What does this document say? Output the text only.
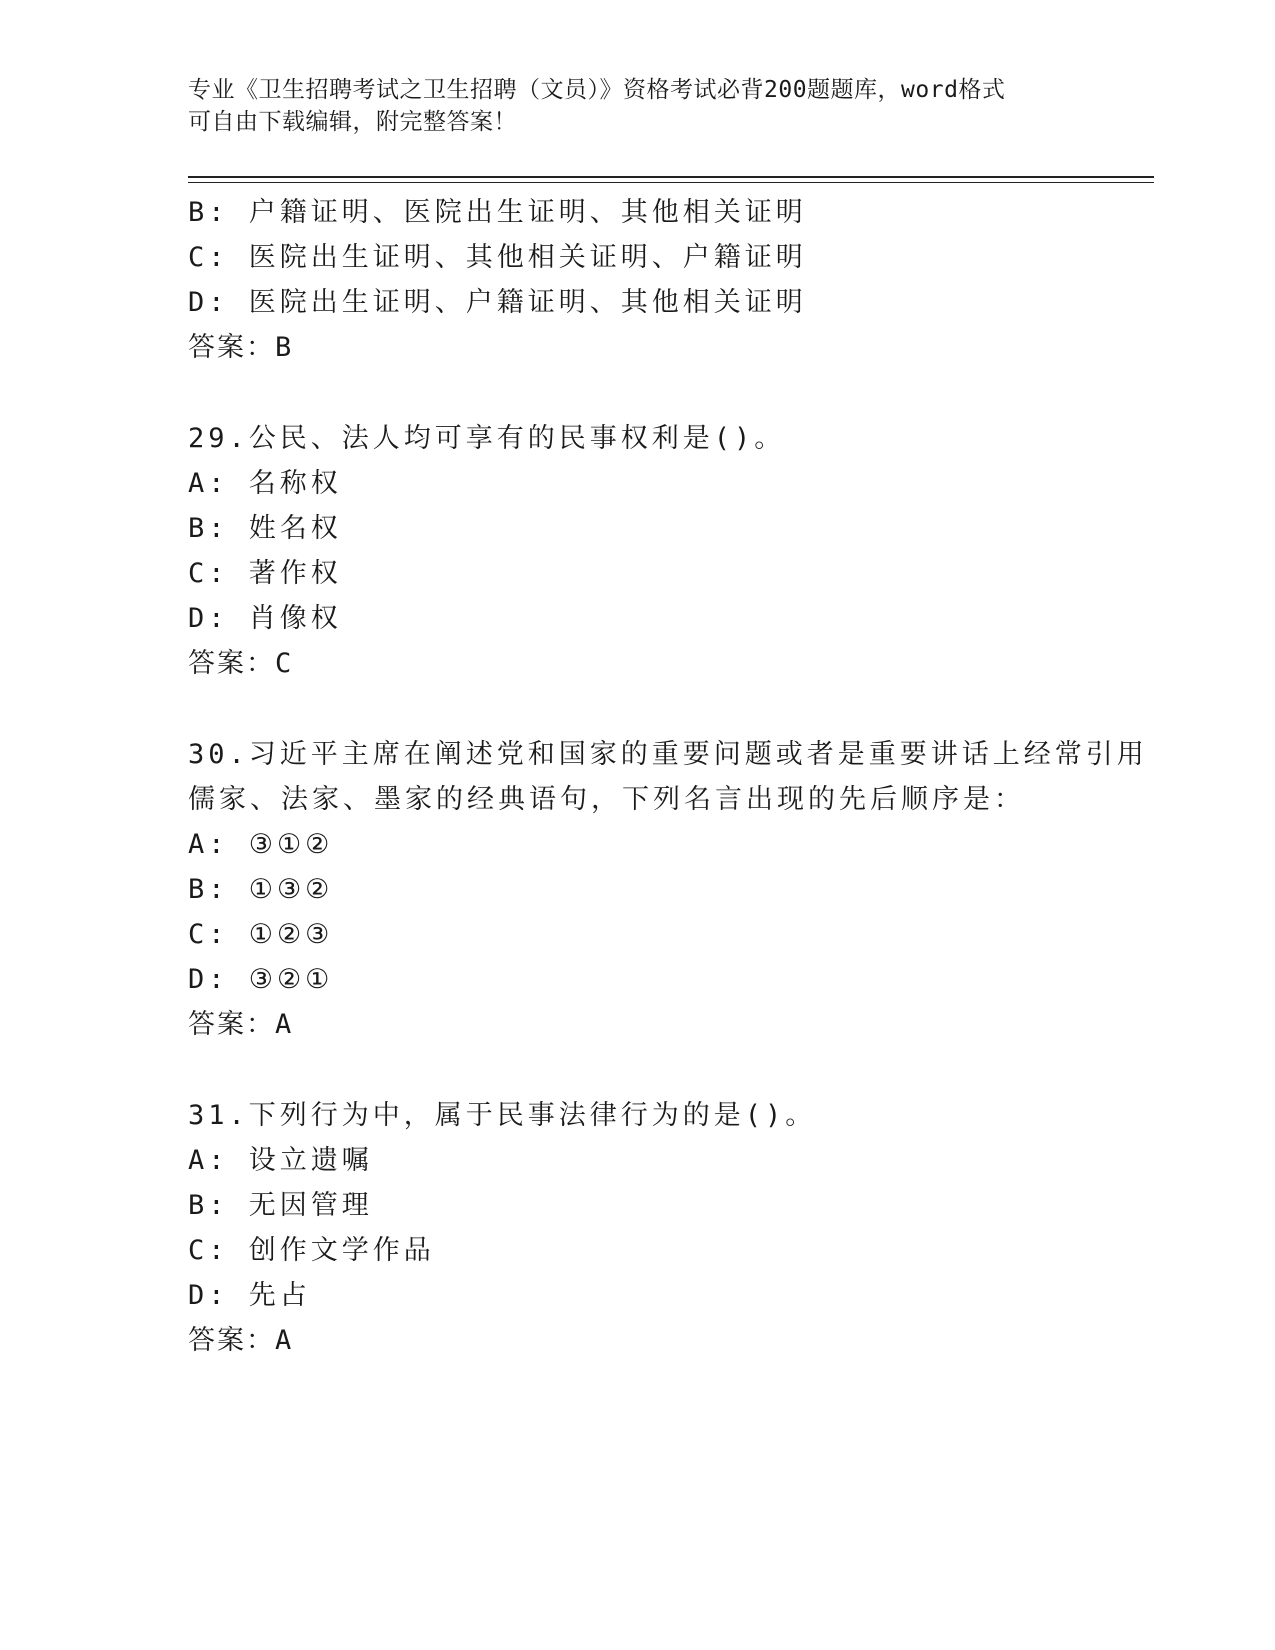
专业《卫生招聘考试之卫生招聘（文员）》资格考试必背200题题库，word格式
可自由下载编辑，附完整答案！
B: 户籍证明、医院出生证明、其他相关证明
C: 医院出生证明、其他相关证明、户籍证明
D: 医院出生证明、户籍证明、其他相关证明
答案：B
29.公民、法人均可享有的民事权利是()。
A: 名称权
B: 姓名权
C: 著作权
D: 肖像权
答案：C
30.习近平主席在阐述党和国家的重要问题或者是重要讲话上经常引用
儒家、法家、墨家的经典语句，下列名言出现的先后顺序是：
A: ③①②
B: ①③②
C: ①②③
D: ③②①
答案：A
31.下列行为中，属于民事法律行为的是()。
A: 设立遗嘱
B: 无因管理
C: 创作文学作品
D: 先占
答案：A
